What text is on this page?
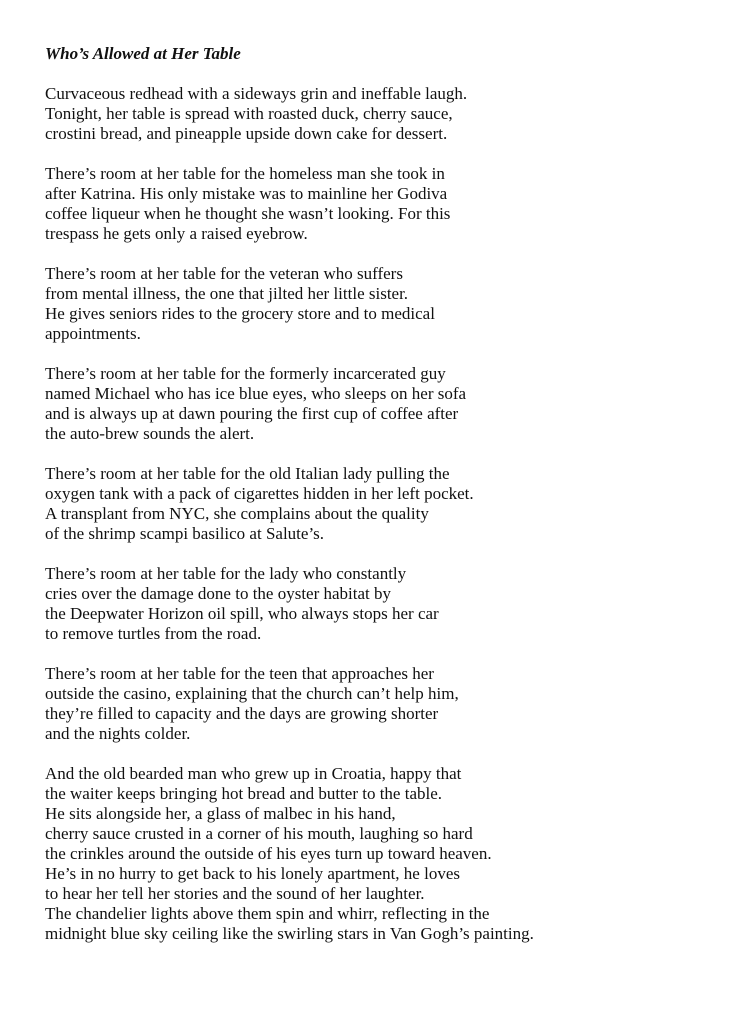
Who’s Allowed at Her Table
Curvaceous redhead with a sideways grin and ineffable laugh.
Tonight, her table is spread with roasted duck, cherry sauce,
crostini bread, and pineapple upside down cake for dessert.
There’s room at her table for the homeless man she took in
after Katrina. His only mistake was to mainline her Godiva
coffee liqueur when he thought she wasn’t looking. For this
trespass he gets only a raised eyebrow.
There’s room at her table for the veteran who suffers
from mental illness, the one that jilted her little sister.
He gives seniors rides to the grocery store and to medical
appointments.
There’s room at her table for the formerly incarcerated guy
named Michael who has ice blue eyes, who sleeps on her sofa
and is always up at dawn pouring the first cup of coffee after
the auto-brew sounds the alert.
There’s room at her table for the old Italian lady pulling the
oxygen tank with a pack of cigarettes hidden in her left pocket.
A transplant from NYC, she complains about the quality
of the shrimp scampi basilico at Salute’s.
There’s room at her table for the lady who constantly
cries over the damage done to the oyster habitat by
the Deepwater Horizon oil spill, who always stops her car
to remove turtles from the road.
There’s room at her table for the teen that approaches her
outside the casino, explaining that the church can’t help him,
they’re filled to capacity and the days are growing shorter
and the nights colder.
And the old bearded man who grew up in Croatia, happy that
the waiter keeps bringing hot bread and butter to the table.
He sits alongside her, a glass of malbec in his hand,
cherry sauce crusted in a corner of his mouth, laughing so hard
the crinkles around the outside of his eyes turn up toward heaven.
He’s in no hurry to get back to his lonely apartment, he loves
to hear her tell her stories and the sound of her laughter.
The chandelier lights above them spin and whirr, reflecting in the
midnight blue sky ceiling like the swirling stars in Van Gogh’s painting.
